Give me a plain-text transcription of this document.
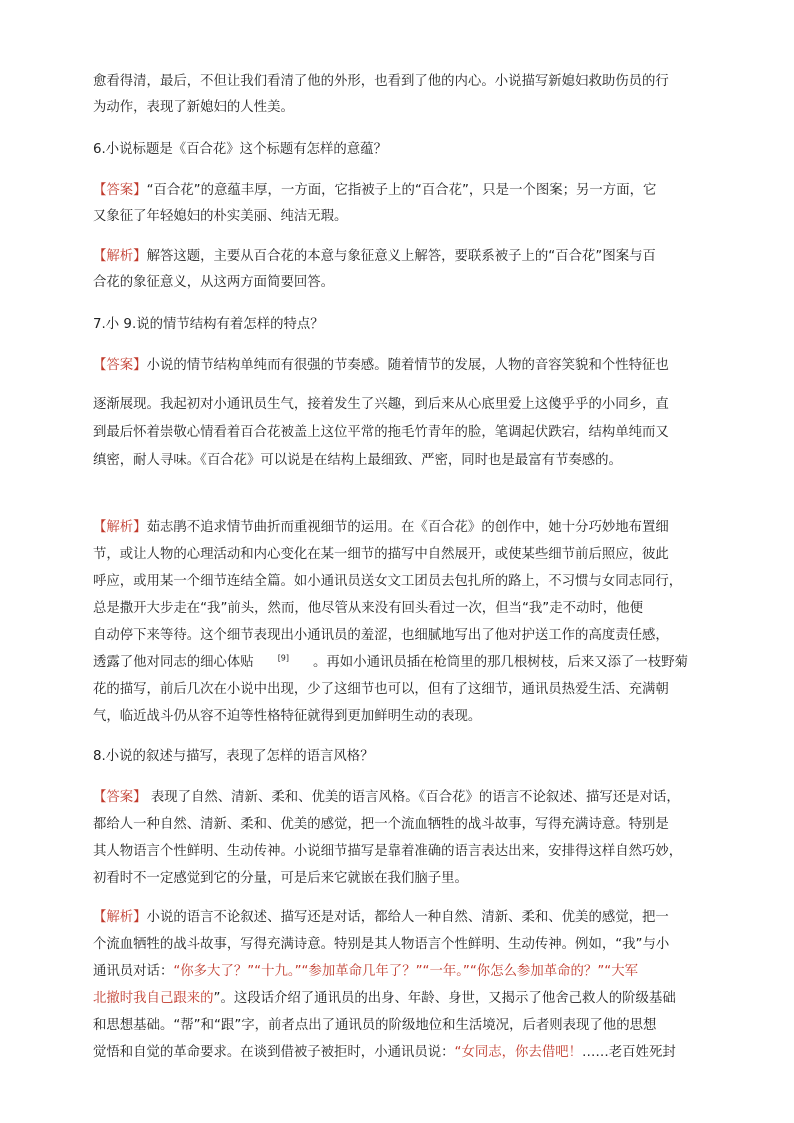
愈看得清，最后，不但让我们看清了他的外形，也看到了他的内心。小说描写新媳妇救助伤员的行
为动作，表现了新媳妇的人性美。
6.小说标题是《百合花》这个标题有怎样的意蕴？
【答案】“百合花”的意蕴丰厚，一方面，它指被子上的“百合花”，只是一个图案；另一方面，它
又象征了年轻媳妇的朴实美丽、纯洁无瑕。
【解析】解答这题，主要从百合花的本意与象征意义上解答，要联系被子上的“百合花”图案与百
合花的象征意义，从这两方面简要回答。
7.小 9.说的情节结构有着怎样的特点？
【答案】小说的情节结构单纯而有很强的节奏感。随着情节的发展，人物的音容笑貌和个性特征也
逐渐展现。我起初对小通讯员生气，接着发生了兴趣，到后来从心底里爱上这傻乎乎的小同乡，直
到最后怀着崇敬心情看着百合花被盖上这位平常的拖毛竹青年的脸，笔调起伏跌宕，结构单纯而又
缜密，耐人寻味。《百合花》可以说是在结构上最细致、严密，同时也是最富有节奏感的。
【解析】茹志鹃不追求情节曲折而重视细节的运用。在《百合花》的创作中，她十分巧妙地布置细
节，或让人物的心理活动和内心变化在某一细节的描写中自然展开，或使某些细节前后照应，彼此
呼应，或用某一个细节连结全篇。如小通讯员送女文工团员去包扎所的路上，不习惯与女同志同行，
总是撒开大步走在“我”前头，然而，他尽管从来没有回头看过一次，但当“我”走不动时，他便
自动停下来等待。这个细节表现出小通讯员的羞涩，也细腻地写出了他对护送工作的高度责任感，
透露了他对同志的细心体贴	[9] 。再如小通讯员插在枪筒里的那几根树枝，后来又添了一枝野菊
花的描写，前后几次在小说中出现，少了这细节也可以，但有了这细节，通讯员热爱生活、充满朝
气，临近战斗仍从容不迫等性格特征就得到更加鲜明生动的表现。
8.小说的叙述与描写，表现了怎样的语言风格？
【答案】 表现了自然、清新、柔和、优美的语言风格。《百合花》的语言不论叙述、描写还是对话，
都给人一种自然、清新、柔和、优美的感觉，把一个流血牺牲的战斗故事，写得充满诗意。特别是
其人物语言个性鲜明、生动传神。小说细节描写是靠着准确的语言表达出来，安排得这样自然巧妙，
初看时不一定感觉到它的分量，可是后来它就嵌在我们脑子里。
【解析】小说的语言不论叙述、描写还是对话，都给人一种自然、清新、柔和、优美的感觉，把一
个流血牺牲的战斗故事，写得充满诗意。特别是其人物语言个性鲜明、生动传神。例如，“我”与小
通讯员对话：“你多大了？”“十九。”“参加革命几年了？”“一年。”“你怎么参加革命的？”“大军
北撤时我自己跟来的”。这段话介绍了通讯员的出身、年龄、身世，又揭示了他舍己救人的阶级基础
和思想基础。“帮”和“跟”字，前者点出了通讯员的阶级地位和生活境况，后者则表现了他的思想
觉悟和自觉的革命要求。在谈到借被子被拒时，小通讯员说：“女同志，你去借吧！……老百姓死封
